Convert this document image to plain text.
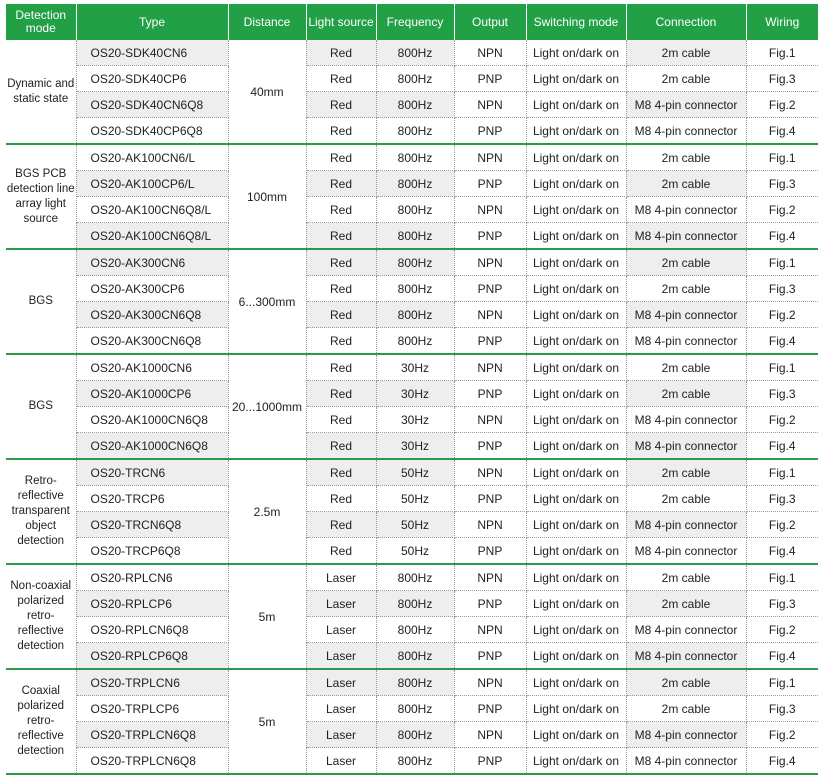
Detection mode	Type	Distance	Light source	Frequency	Output	Switching mode	Connection	Wiring
Dynamic and static state	OS20-SDK40CN6	40mm	Red	800Hz	NPN	Light on/dark on	2m cable	Fig.1
	OS20-SDK40CP6		Red	800Hz	PNP	Light on/dark on	2m cable	Fig.3
	OS20-SDK40CN6Q8		Red	800Hz	NPN	Light on/dark on	M8 4-pin connector	Fig.2
	OS20-SDK40CP6Q8		Red	800Hz	PNP	Light on/dark on	M8 4-pin connector	Fig.4
BGS PCB detection line array light source	OS20-AK100CN6/L	100mm	Red	800Hz	NPN	Light on/dark on	2m cable	Fig.1
	OS20-AK100CP6/L		Red	800Hz	PNP	Light on/dark on	2m cable	Fig.3
	OS20-AK100CN6Q8/L		Red	800Hz	NPN	Light on/dark on	M8 4-pin connector	Fig.2
	OS20-AK100CN6Q8/L		Red	800Hz	PNP	Light on/dark on	M8 4-pin connector	Fig.4
BGS	OS20-AK300CN6	6...300mm	Red	800Hz	NPN	Light on/dark on	2m cable	Fig.1
	OS20-AK300CP6		Red	800Hz	PNP	Light on/dark on	2m cable	Fig.3
	OS20-AK300CN6Q8		Red	800Hz	NPN	Light on/dark on	M8 4-pin connector	Fig.2
	OS20-AK300CN6Q8		Red	800Hz	PNP	Light on/dark on	M8 4-pin connector	Fig.4
BGS	OS20-AK1000CN6	20...1000mm	Red	30Hz	NPN	Light on/dark on	2m cable	Fig.1
	OS20-AK1000CP6		Red	30Hz	PNP	Light on/dark on	2m cable	Fig.3
	OS20-AK1000CN6Q8		Red	30Hz	NPN	Light on/dark on	M8 4-pin connector	Fig.2
	OS20-AK1000CN6Q8		Red	30Hz	PNP	Light on/dark on	M8 4-pin connector	Fig.4
Retro-reflective transparent object detection	OS20-TRCN6	2.5m	Red	50Hz	NPN	Light on/dark on	2m cable	Fig.1
	OS20-TRCP6		Red	50Hz	PNP	Light on/dark on	2m cable	Fig.3
	OS20-TRCN6Q8		Red	50Hz	NPN	Light on/dark on	M8 4-pin connector	Fig.2
	OS20-TRCP6Q8		Red	50Hz	PNP	Light on/dark on	M8 4-pin connector	Fig.4
Non-coaxial polarized retro-reflective detection	OS20-RPLCN6	5m	Laser	800Hz	NPN	Light on/dark on	2m cable	Fig.1
	OS20-RPLCP6		Laser	800Hz	PNP	Light on/dark on	2m cable	Fig.3
	OS20-RPLCN6Q8		Laser	800Hz	NPN	Light on/dark on	M8 4-pin connector	Fig.2
	OS20-RPLCP6Q8		Laser	800Hz	PNP	Light on/dark on	M8 4-pin connector	Fig.4
Coaxial polarized retro-reflective detection	OS20-TRPLCN6	5m	Laser	800Hz	NPN	Light on/dark on	2m cable	Fig.1
	OS20-TRPLCP6		Laser	800Hz	PNP	Light on/dark on	2m cable	Fig.3
	OS20-TRPLCN6Q8		Laser	800Hz	NPN	Light on/dark on	M8 4-pin connector	Fig.2
	OS20-TRPLCN6Q8		Laser	800Hz	PNP	Light on/dark on	M8 4-pin connector	Fig.4
